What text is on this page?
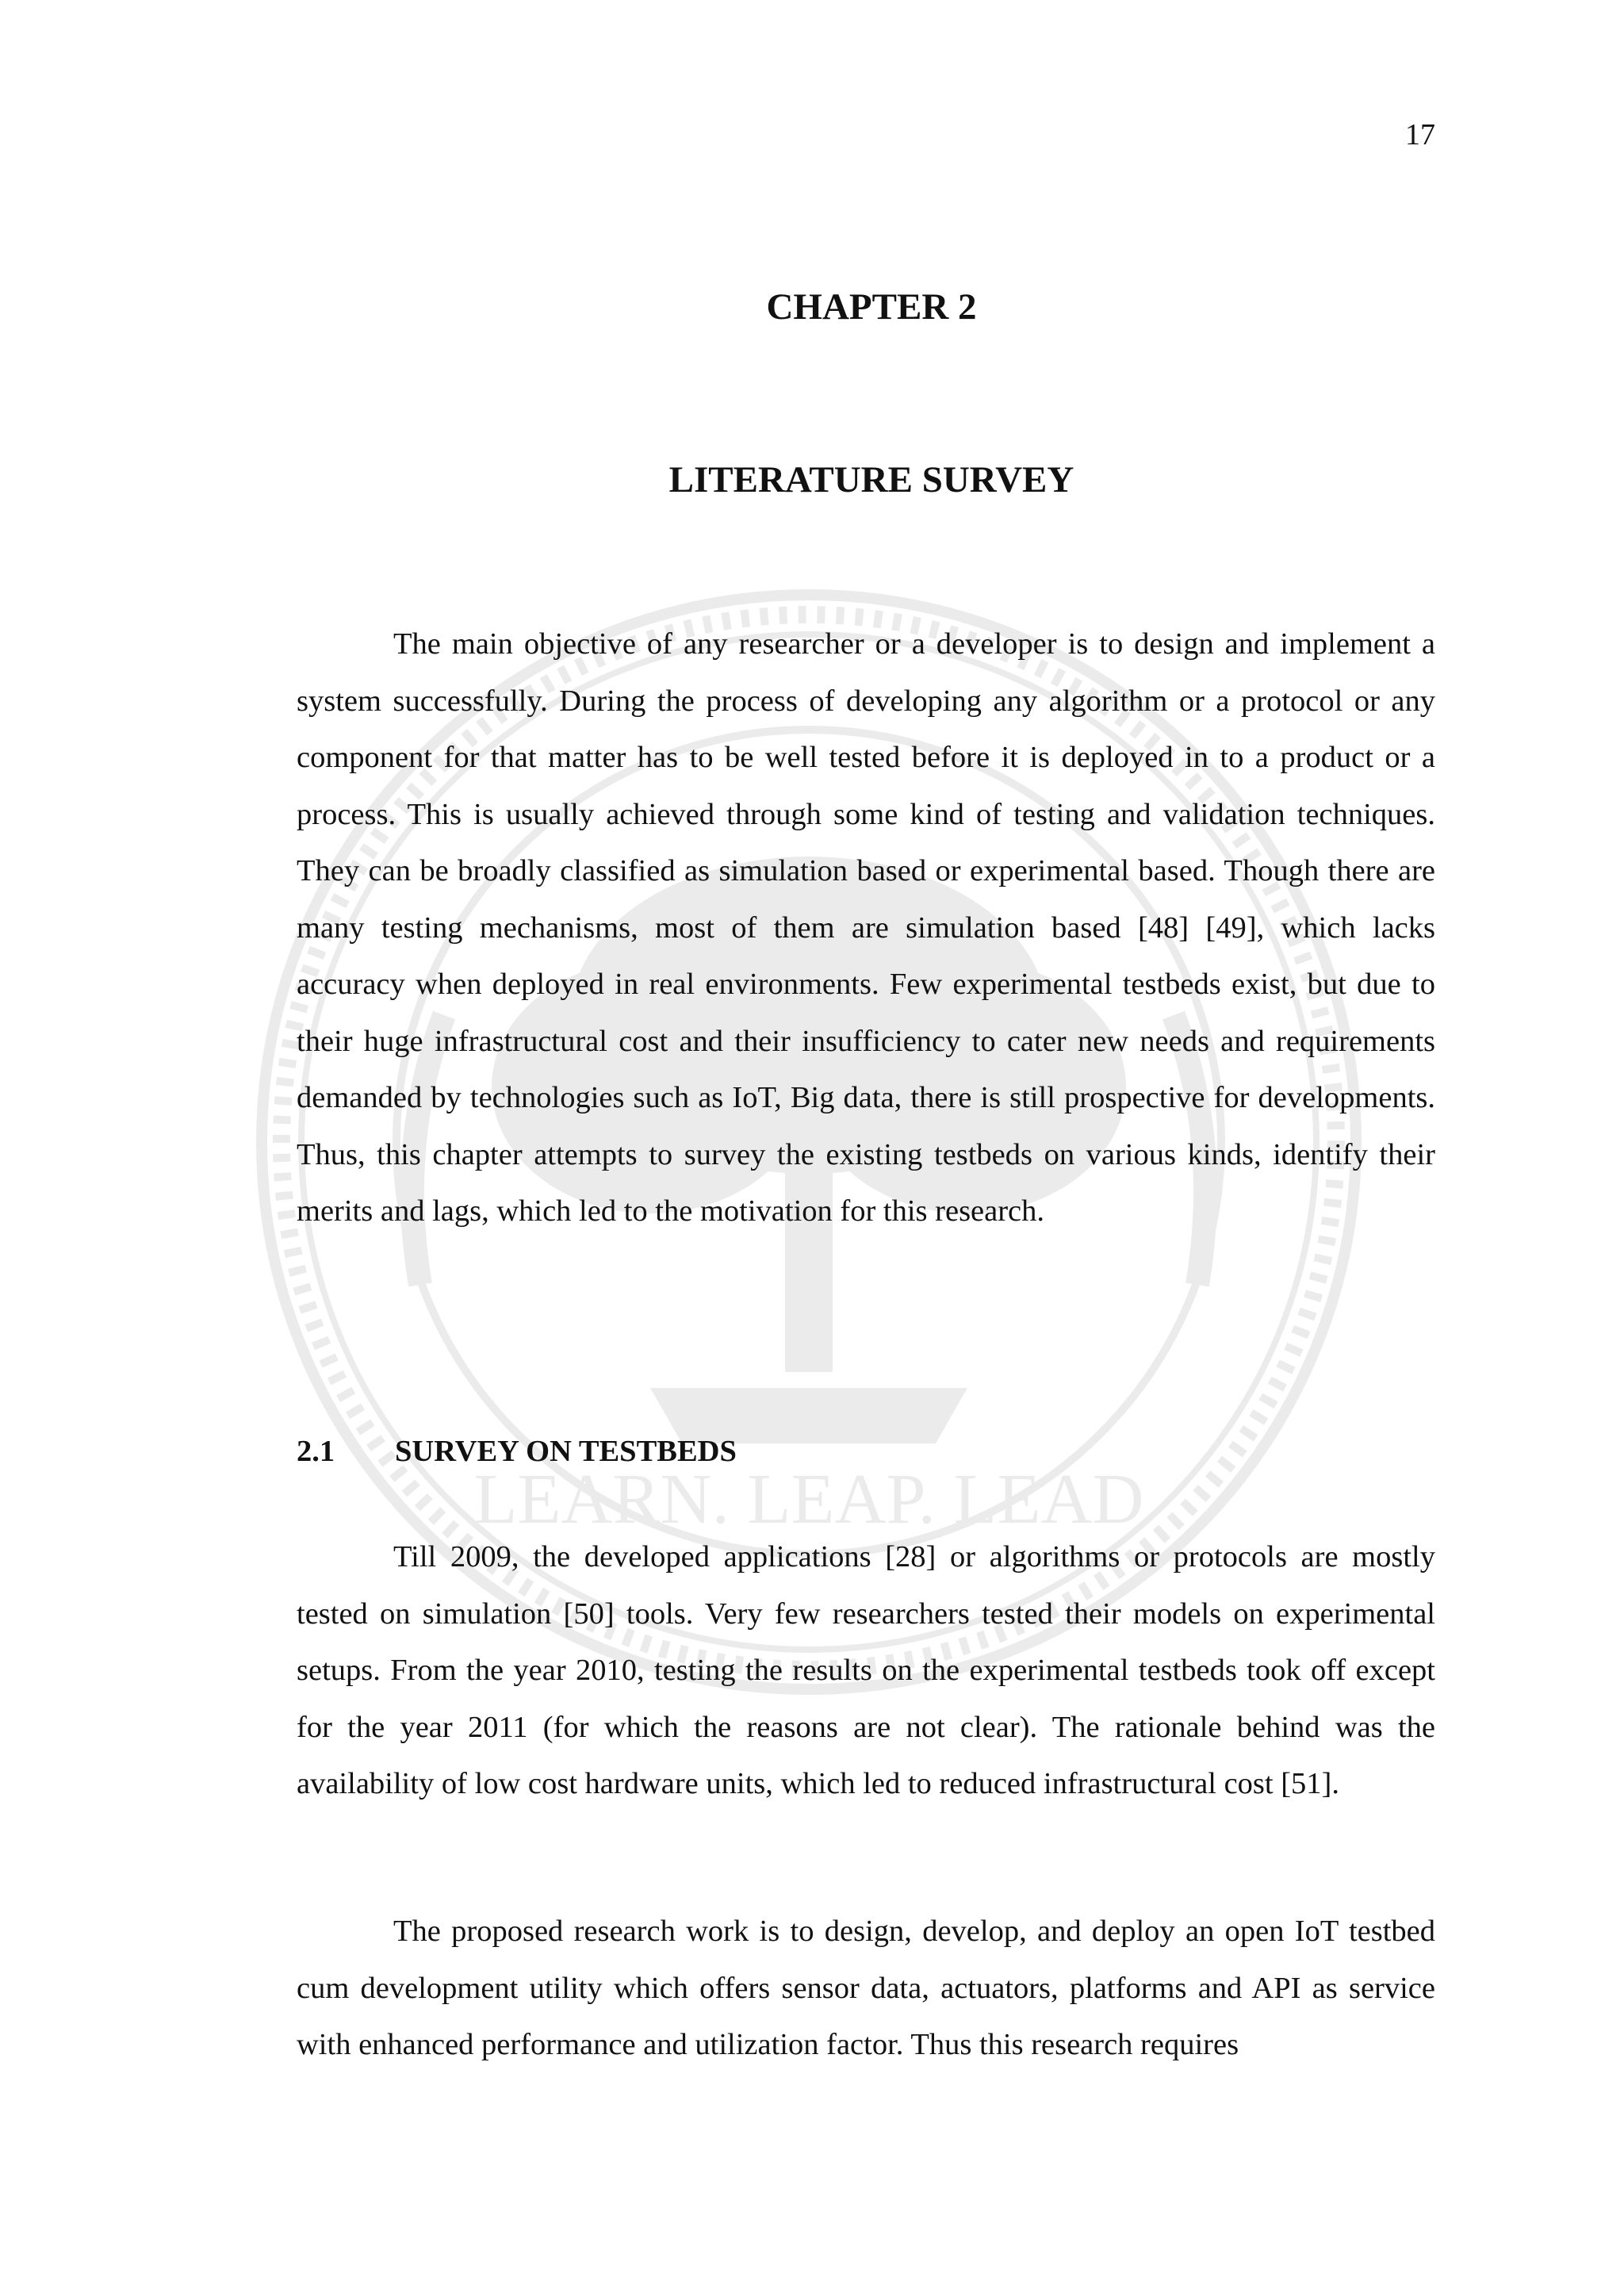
LEARN. LEAP. LEAD
17
CHAPTER 2
LITERATURE SURVEY

The main objective of any researcher or a developer is to design and implement a system successfully. During the process of developing any algorithm or a protocol or any component for that matter has to be well tested before it is deployed in to a product or a process. This is usually achieved through some kind of testing and validation techniques. They can be broadly classified as simulation based or experimental based. Though there are many testing mechanisms, most of them are simulation based [48] [49], which lacks accuracy when deployed in real environments. Few experimental testbeds exist, but due to their huge infrastructural cost and their insufficiency to cater new needs and requirements demanded by technologies such as IoT, Big data, there is still prospective for developments. Thus, this chapter attempts to survey the existing testbeds on various kinds, identify their merits and lags, which led to the motivation for this research.

2.1 SURVEY ON TESTBEDS

Till 2009, the developed applications [28] or algorithms or protocols are mostly tested on simulation [50] tools. Very few researchers tested their models on experimental setups. From the year 2010, testing the results on the experimental testbeds took off except for the year 2011 (for which the reasons are not clear). The rationale behind was the availability of low cost hardware units, which led to reduced infrastructural cost [51].

The proposed research work is to design, develop, and deploy an open IoT testbed cum development utility which offers sensor data, actuators, platforms and API as service with enhanced performance and utilization factor. Thus this research requires
